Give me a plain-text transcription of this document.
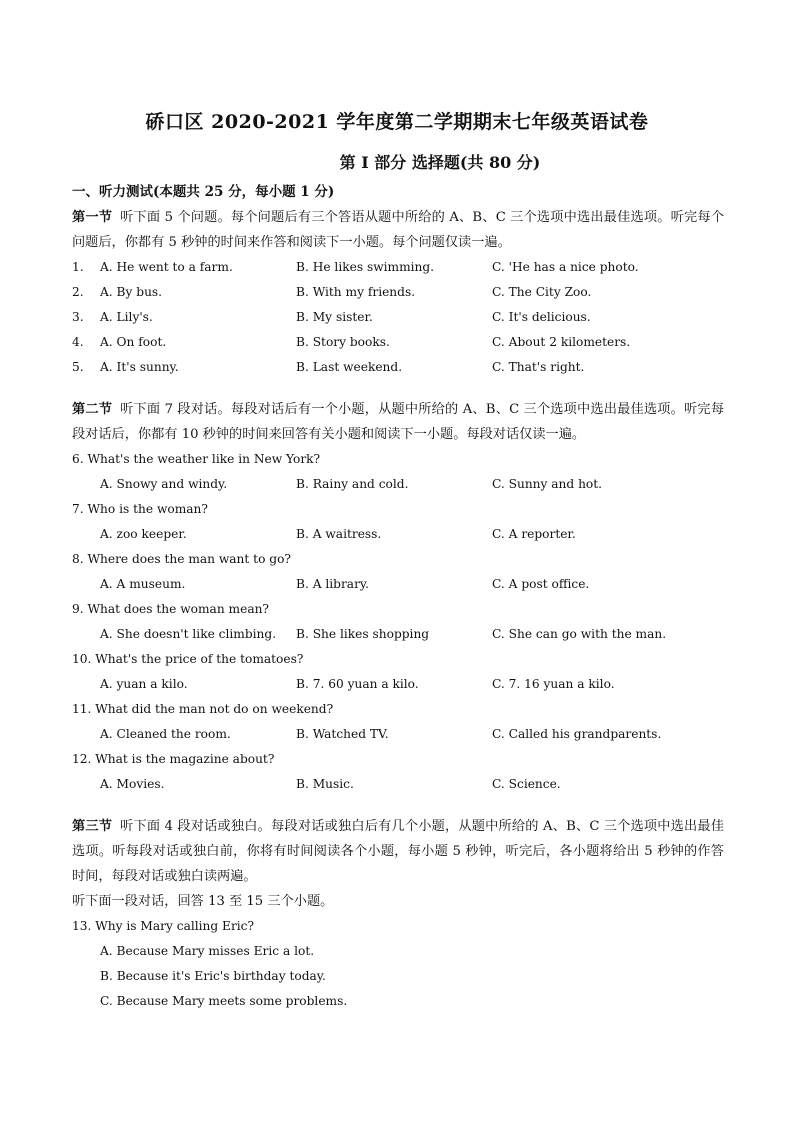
硚口区 2020-2021 学年度第二学期期末七年级英语试卷
第 I 部分 选择题(共 80 分)
一、听力测试(本题共 25 分，每小题 1 分)
第一节 听下面 5 个问题。每个问题后有三个答语从题中所给的 A、B、C 三个选项中选出最佳选项。听完每个问题后，你都有 5 秒钟的时间来作答和阅读下一小题。每个问题仅读一遍。
1. A. He went to a farm.	B. He likes swimming.	C. 'He has a nice photo.
2. A. By bus.	B. With my friends.	C. The City Zoo.
3. A. Lily's.	B. My sister.	C. It's delicious.
4. A. On foot.	B. Story books.	C. About 2 kilometers.
5. A. It's sunny.	B. Last weekend.	C. That's right.
第二节 听下面 7 段对话。每段对话后有一个小题，从题中所给的 A、B、C 三个选项中选出最佳选项。听完每段对话后，你都有 10 秒钟的时间来回答有关小题和阅读下一小题。每段对话仅读一遍。
6. What's the weather like in New York?
A. Snowy and windy.	B. Rainy and cold.	C. Sunny and hot.
7. Who is the woman?
A. zoo keeper.	B. A waitress.	C. A reporter.
8. Where does the man want to go?
A. A museum.	B. A library.	C. A post office.
9. What does the woman mean?
A. She doesn't like climbing. B. She likes shopping	C. She can go with the man.
10. What's the price of the tomatoes?
A. yuan a kilo.	B. 7. 60 yuan a kilo.	C. 7. 16 yuan a kilo.
11. What did the man not do on weekend?
A. Cleaned the room.	B. Watched TV.	C. Called his grandparents.
12. What is the magazine about?
A. Movies.	B. Music.	C. Science.
第三节 听下面 4 段对话或独白。每段对话或独白后有几个小题，从题中所给的 A、B、C 三个选项中选出最佳选项。听每段对话或独白前，你将有时间阅读各个小题，每小题 5 秒钟，听完后，各小题将给出 5 秒钟的作答时间，每段对话或独白读两遍。
听下面一段对话，回答 13 至 15 三个小题。
13. Why is Mary calling Eric?
A. Because Mary misses Eric a lot.
B. Because it's Eric's birthday today.
C. Because Mary meets some problems.
